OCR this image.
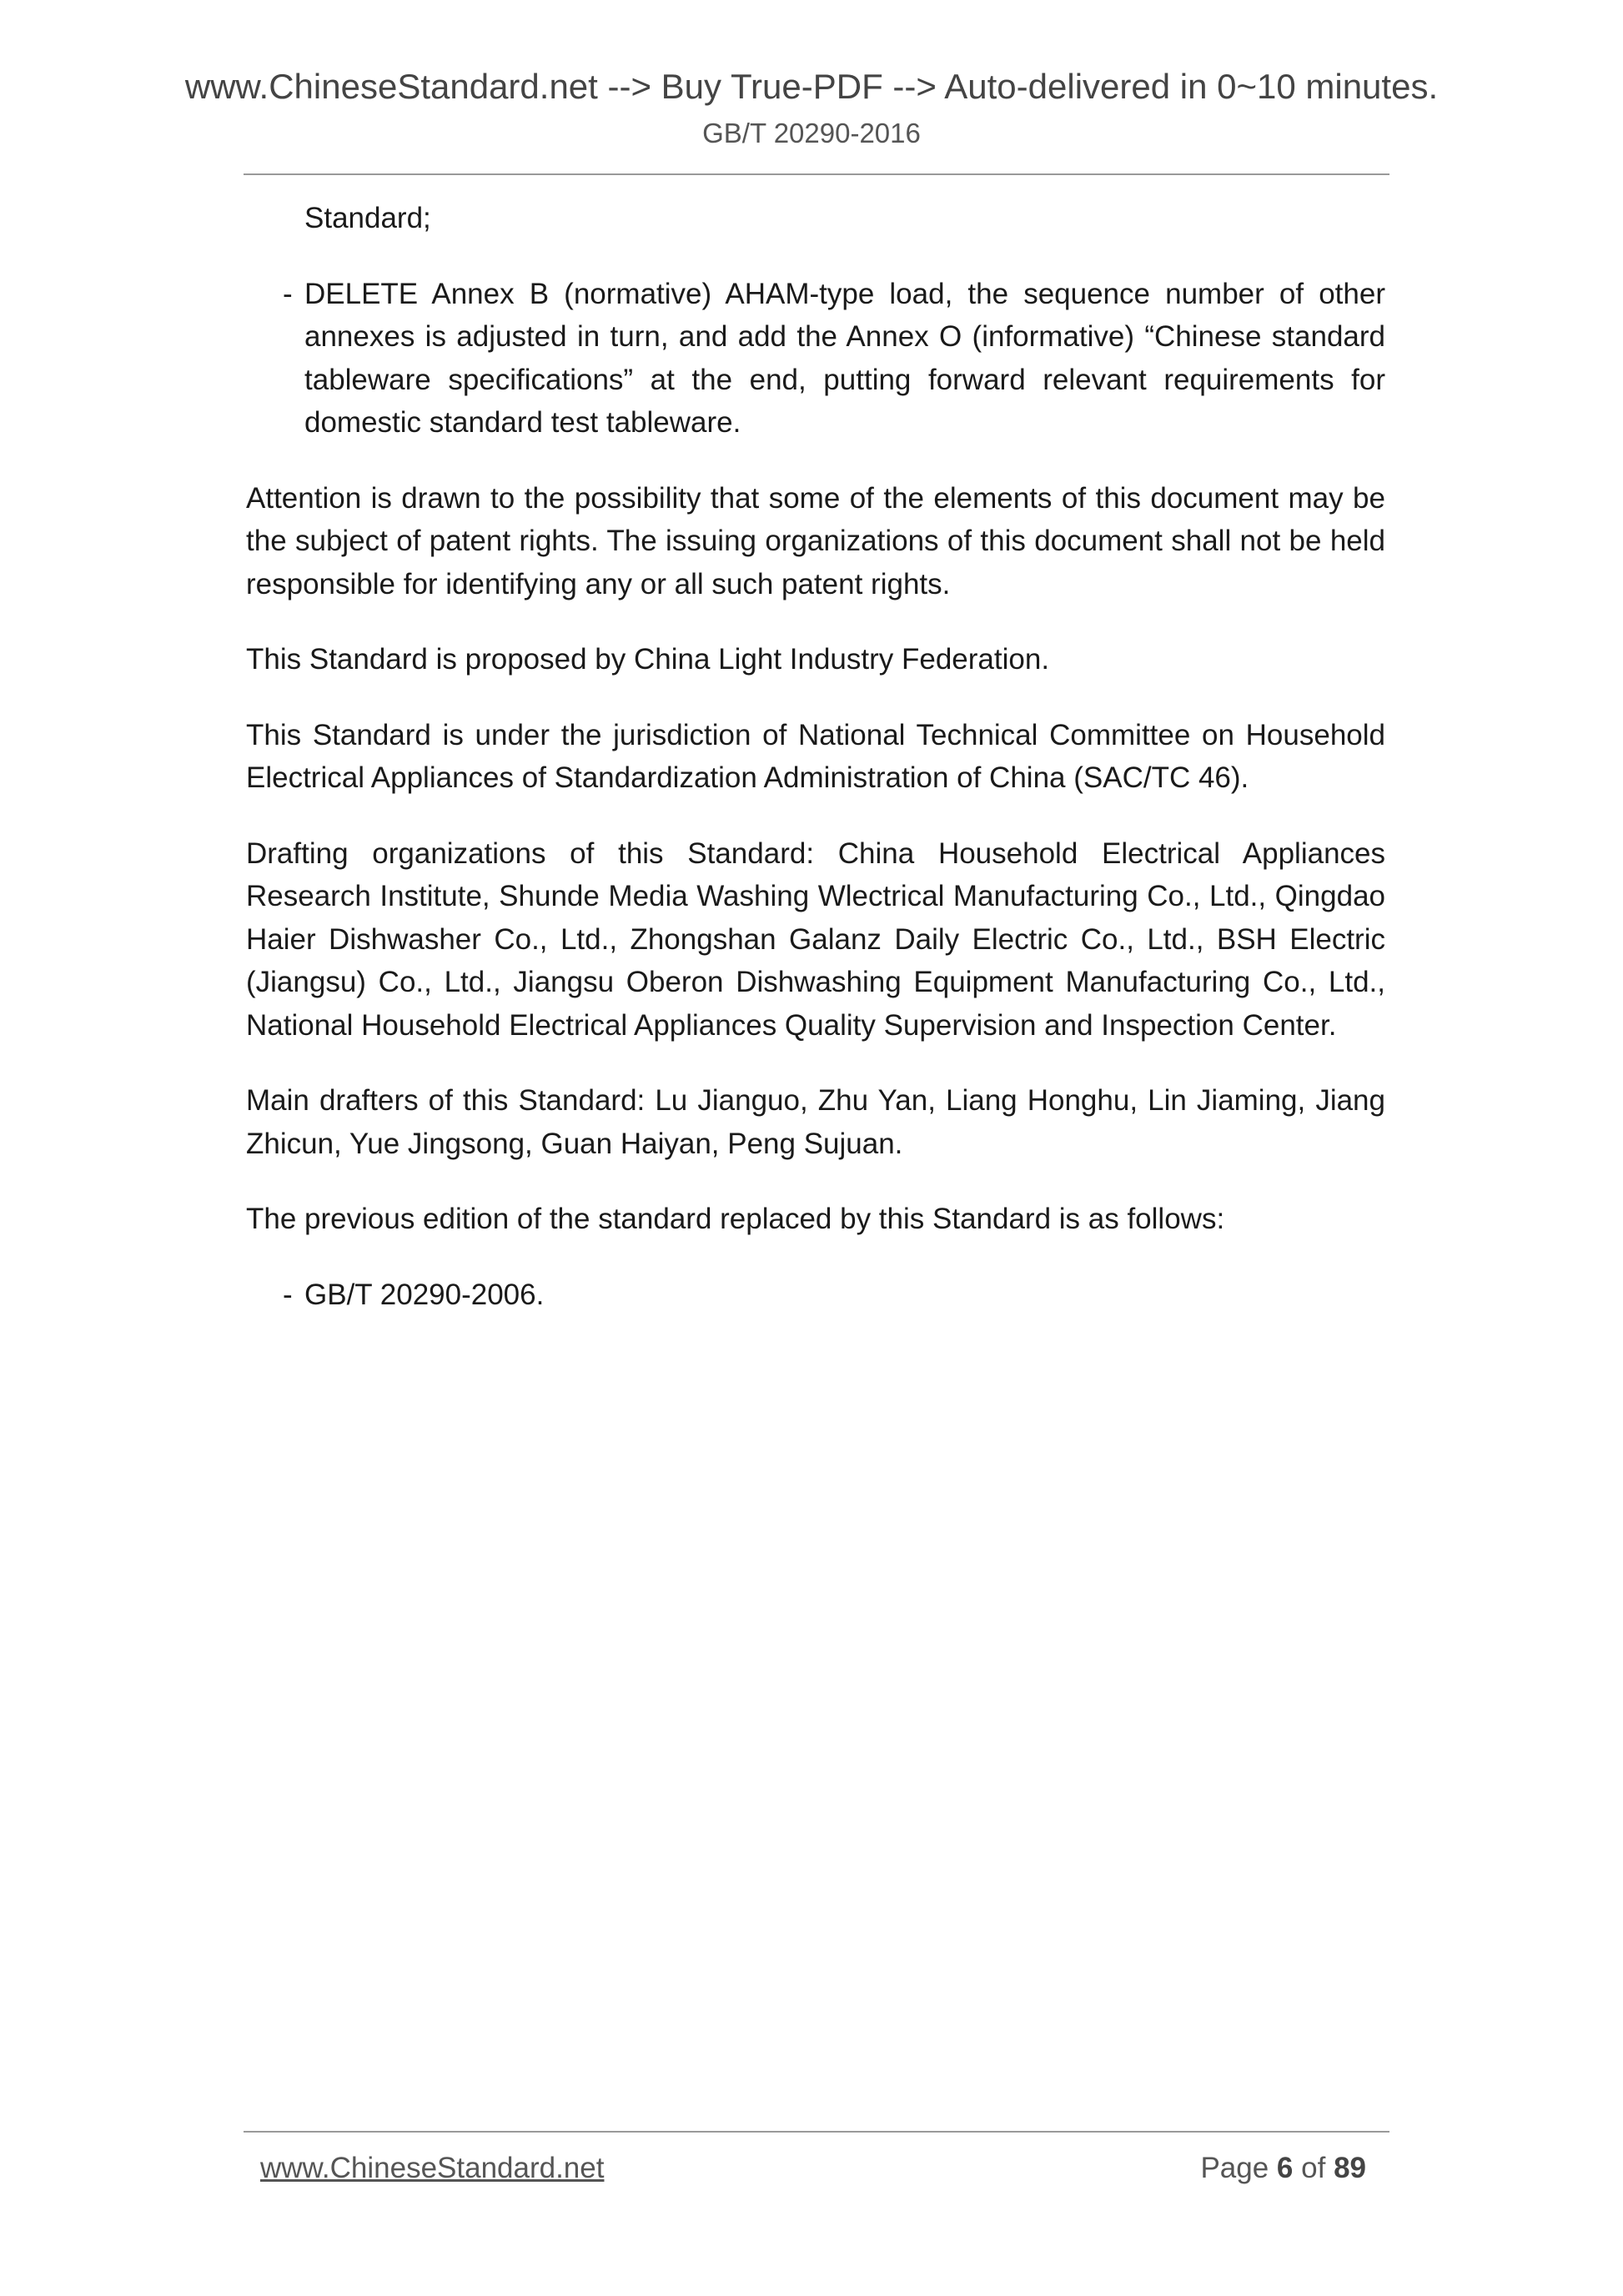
www.ChineseStandard.net --> Buy True-PDF --> Auto-delivered in 0~10 minutes.
GB/T 20290-2016

Standard;

- DELETE Annex B (normative) AHAM-type load, the sequence number of other annexes is adjusted in turn, and add the Annex O (informative) “Chinese standard tableware specifications” at the end, putting forward relevant requirements for domestic standard test tableware.

Attention is drawn to the possibility that some of the elements of this document may be the subject of patent rights. The issuing organizations of this document shall not be held responsible for identifying any or all such patent rights.

This Standard is proposed by China Light Industry Federation.

This Standard is under the jurisdiction of National Technical Committee on Household Electrical Appliances of Standardization Administration of China (SAC/TC 46).

Drafting organizations of this Standard: China Household Electrical Appliances Research Institute, Shunde Media Washing Wlectrical Manufacturing Co., Ltd., Qingdao Haier Dishwasher Co., Ltd., Zhongshan Galanz Daily Electric Co., Ltd., BSH Electric (Jiangsu) Co., Ltd., Jiangsu Oberon Dishwashing Equipment Manufacturing Co., Ltd., National Household Electrical Appliances Quality Supervision and Inspection Center.

Main drafters of this Standard: Lu Jianguo, Zhu Yan, Liang Honghu, Lin Jiaming, Jiang Zhicun, Yue Jingsong, Guan Haiyan, Peng Sujuan.

The previous edition of the standard replaced by this Standard is as follows:

- GB/T 20290-2006.
www.ChineseStandard.net	Page 6 of 89
